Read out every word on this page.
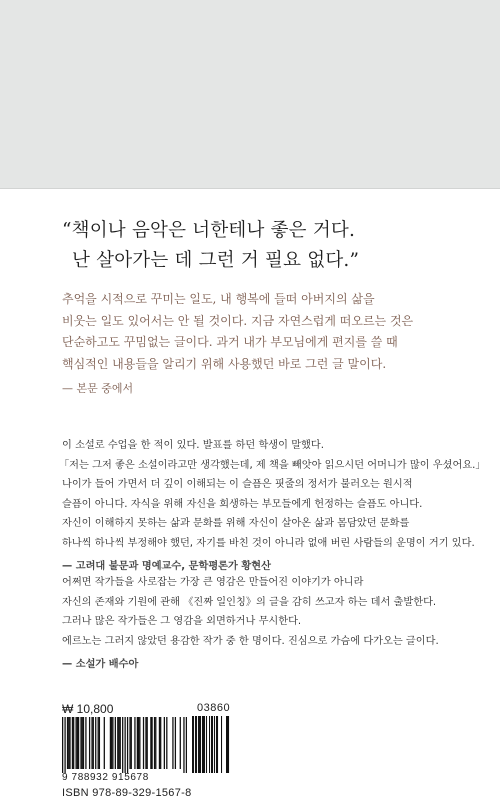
“책이나 음악은 너한테나 좋은 거다.
난 살아가는 데 그런 거 필요 없다.”
추억을 시적으로 꾸미는 일도, 내 행복에 들떠 아버지의 삶을
비웃는 일도 있어서는 안 될 것이다. 지금 자연스럽게 떠오르는 것은
단순하고도 꾸밈없는 글이다. 과거 내가 부모님에게 편지를 쓸 때
핵심적인 내용들을 알리기 위해 사용했던 바로 그런 글 말이다.
— 본문 중에서
이 소설로 수업을 한 적이 있다. 발표를 하던 학생이 말했다.
「저는 그저 좋은 소설이라고만 생각했는데, 제 책을 빼앗아 읽으시던 어머니가 많이 우셨어요.」
나이가 들어 가면서 더 깊이 이해되는 이 슬픔은 핏줄의 정서가 불러오는 원시적
슬픔이 아니다. 자식을 위해 자신을 희생하는 부모들에게 헌정하는 슬픔도 아니다.
자신이 이해하지 못하는 삶과 문화를 위해 자신이 살아온 삶과 몸담았던 문화를
하나씩 하나씩 부정해야 했던, 자기를 바친 것이 아니라 없애 버린 사람들의 운명이 거기 있다.
— 고려대 불문과 명예교수, 문학평론가 황현산
어쩌면 작가들을 사로잡는 가장 큰 영감은 만들어진 이야기가 아니라
자신의 존재와 기원에 관해 《진짜 일인칭》의 글을 감히 쓰고자 하는 데서 출발한다.
그러나 많은 작가들은 그 영감을 외면하거나 무시한다.
에르노는 그러지 않았던 용감한 작가 중 한 명이다. 진심으로 가슴에 다가오는 글이다.
— 소설가 배수아
₩ 10,800	03860
9 788932 915678
ISBN 978-89-329-1567-8
